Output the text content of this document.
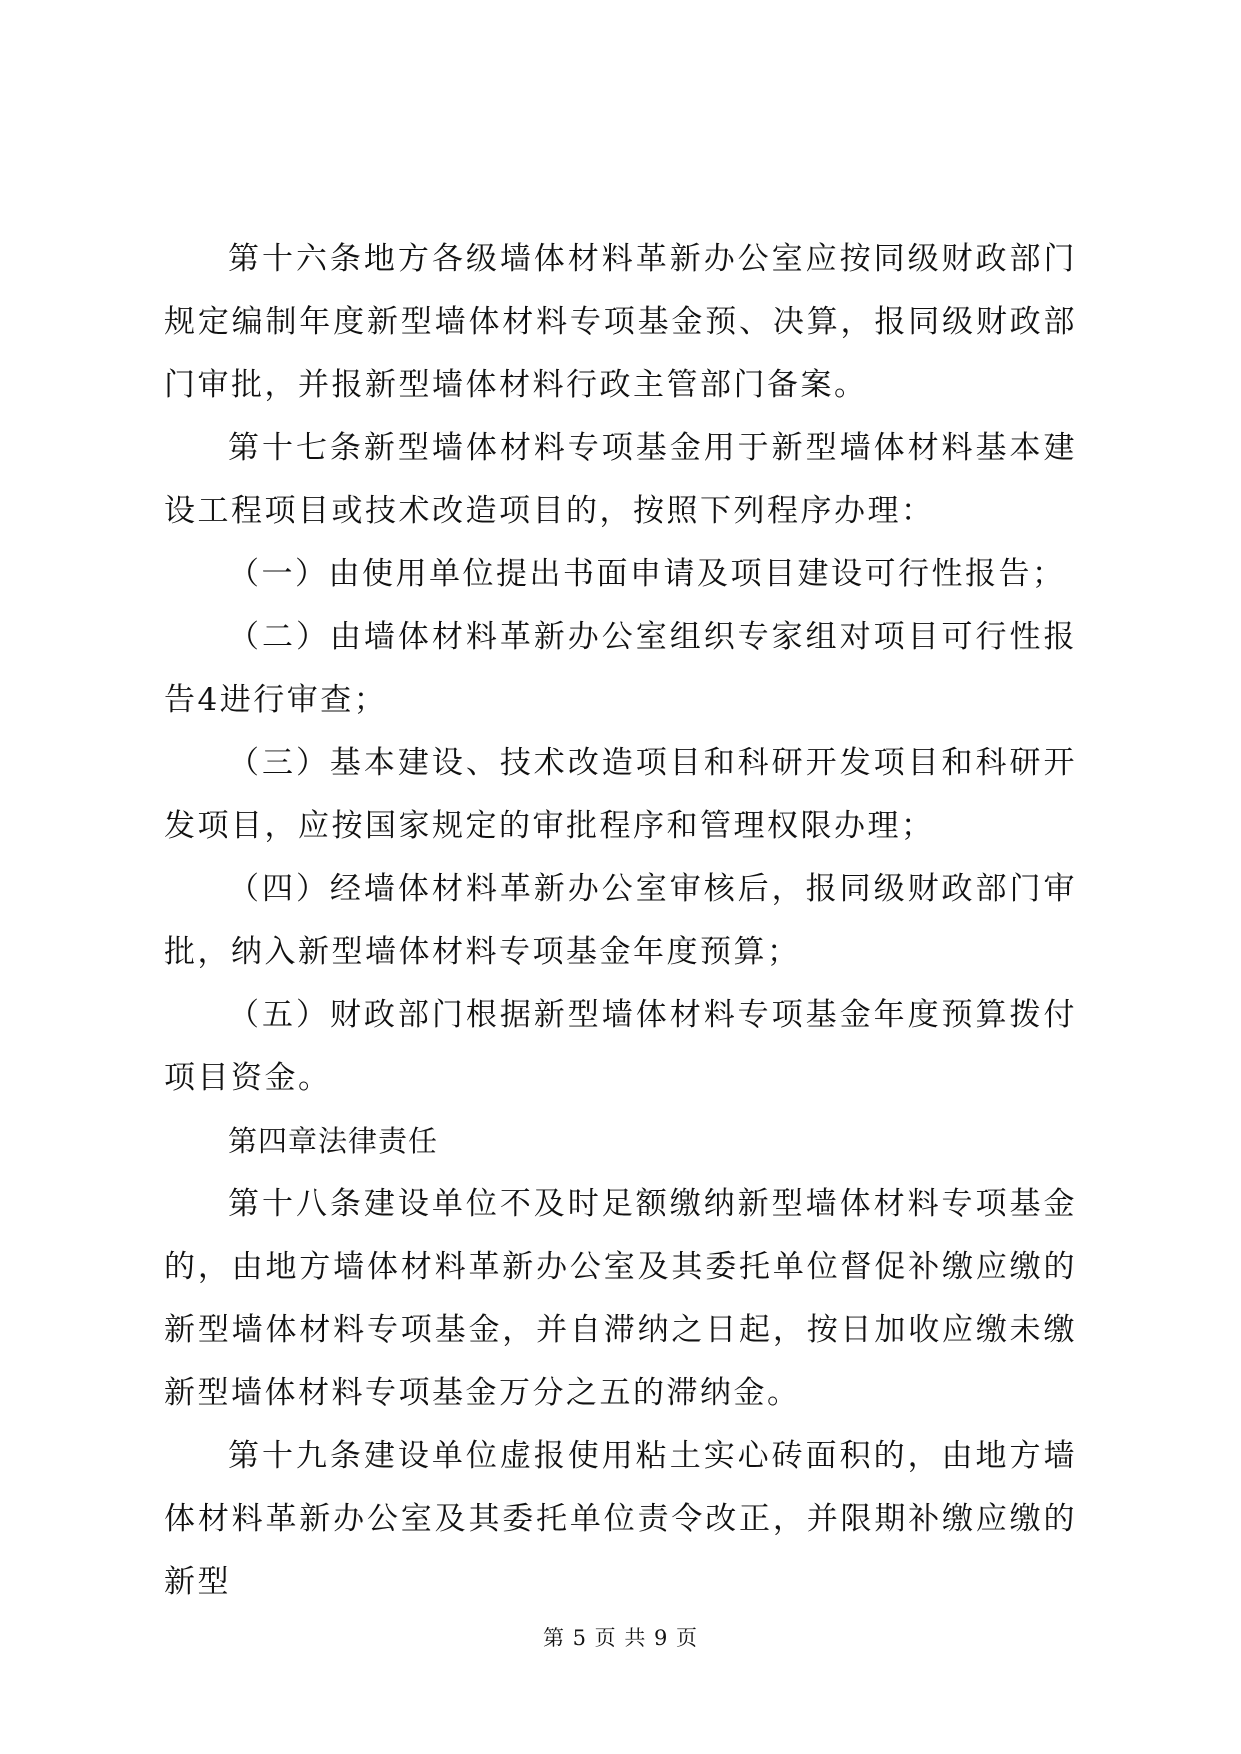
第十六条地方各级墙体材料革新办公室应按同级财政部门规定编制年度新型墙体材料专项基金预、决算，报同级财政部门审批，并报新型墙体材料行政主管部门备案。

第十七条新型墙体材料专项基金用于新型墙体材料基本建设工程项目或技术改造项目的，按照下列程序办理：

（一）由使用单位提出书面申请及项目建设可行性报告；

（二）由墙体材料革新办公室组织专家组对项目可行性报告4进行审查；

（三）基本建设、技术改造项目和科研开发项目和科研开发项目，应按国家规定的审批程序和管理权限办理；

（四）经墙体材料革新办公室审核后，报同级财政部门审批，纳入新型墙体材料专项基金年度预算；

（五）财政部门根据新型墙体材料专项基金年度预算拨付项目资金。

第四章法律责任

第十八条建设单位不及时足额缴纳新型墙体材料专项基金的，由地方墙体材料革新办公室及其委托单位督促补缴应缴的新型墙体材料专项基金，并自滞纳之日起，按日加收应缴未缴新型墙体材料专项基金万分之五的滞纳金。

第十九条建设单位虚报使用粘土实心砖面积的，由地方墙体材料革新办公室及其委托单位责令改正，并限期补缴应缴的新型

第 5 页 共 9 页
